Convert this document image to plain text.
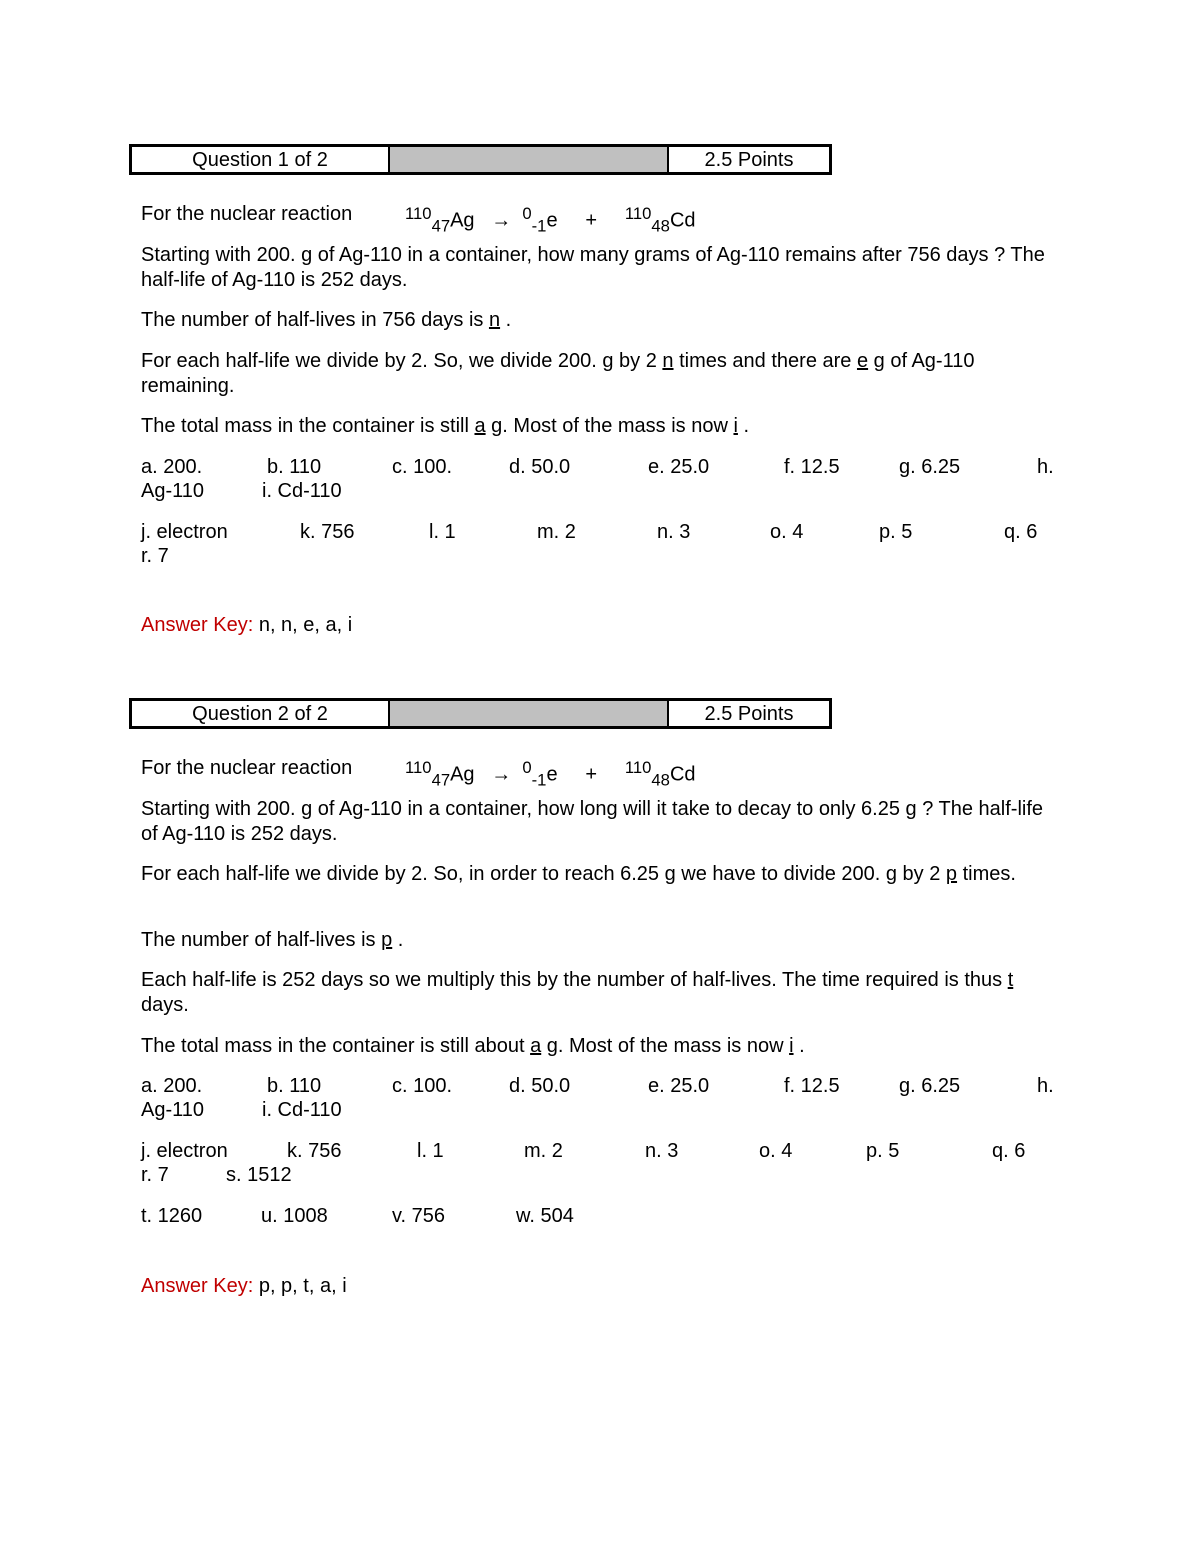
Question 1 of 2	2.5 Points
For the nuclear reaction	$^{110}_{47}$Ag → $^0_{-1}$e + $^{110}_{48}$Cd
Starting with 200. g of Ag-110 in a container, how many grams of Ag-110 remains after 756 days ? The half-life of Ag-110 is 252 days.
The number of half-lives in 756 days is n .
For each half-life we divide by 2. So, we divide 200. g by 2 n times and there are e g of Ag-110 remaining.
The total mass in the container is still a g. Most of the mass is now i .
a. 200.	b. 110	c. 100.	d. 50.0	e. 25.0	f. 12.5	g. 6.25	h.
Ag-110	i. Cd-110
j. electron	k. 756	l. 1	m. 2	n. 3	o. 4	p. 5	q. 6
r. 7
Answer Key: n, n, e, a, i
Question 2 of 2	2.5 Points
For the nuclear reaction	$^{110}_{47}$Ag → $^0_{-1}$e + $^{110}_{48}$Cd
Starting with 200. g of Ag-110 in a container, how long will it take to decay to only 6.25 g ? The half-life of Ag-110 is 252 days.
For each half-life we divide by 2. So, in order to reach 6.25 g we have to divide 200. g by 2 p times.
The number of half-lives is p .
Each half-life is 252 days so we multiply this by the number of half-lives. The time required is thus t days.
The total mass in the container is still about a g. Most of the mass is now i .
a. 200.	b. 110	c. 100.	d. 50.0	e. 25.0	f. 12.5	g. 6.25	h.
Ag-110	i. Cd-110
j. electron	k. 756	l. 1	m. 2	n. 3	o. 4	p. 5	q. 6
r. 7	s. 1512
t. 1260	u. 1008	v. 756	w. 504
Answer Key: p, p, t, a, i
